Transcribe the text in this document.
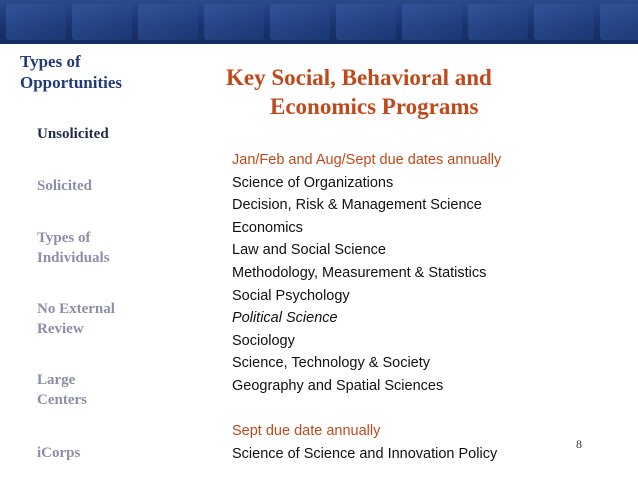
Types of
Opportunities
Unsolicited
Solicited
Types of
Individuals
No External
Review
Large
Centers
iCorps
Key Social, Behavioral and
Economics Programs
Jan/Feb and Aug/Sept due dates annually
Science of Organizations
Decision, Risk & Management Science
Economics
Law and Social Science
Methodology, Measurement & Statistics
Social Psychology
Political Science
Sociology
Science, Technology & Society
Geography and Spatial Sciences
Sept due date annually
Science of Science and Innovation Policy
8
